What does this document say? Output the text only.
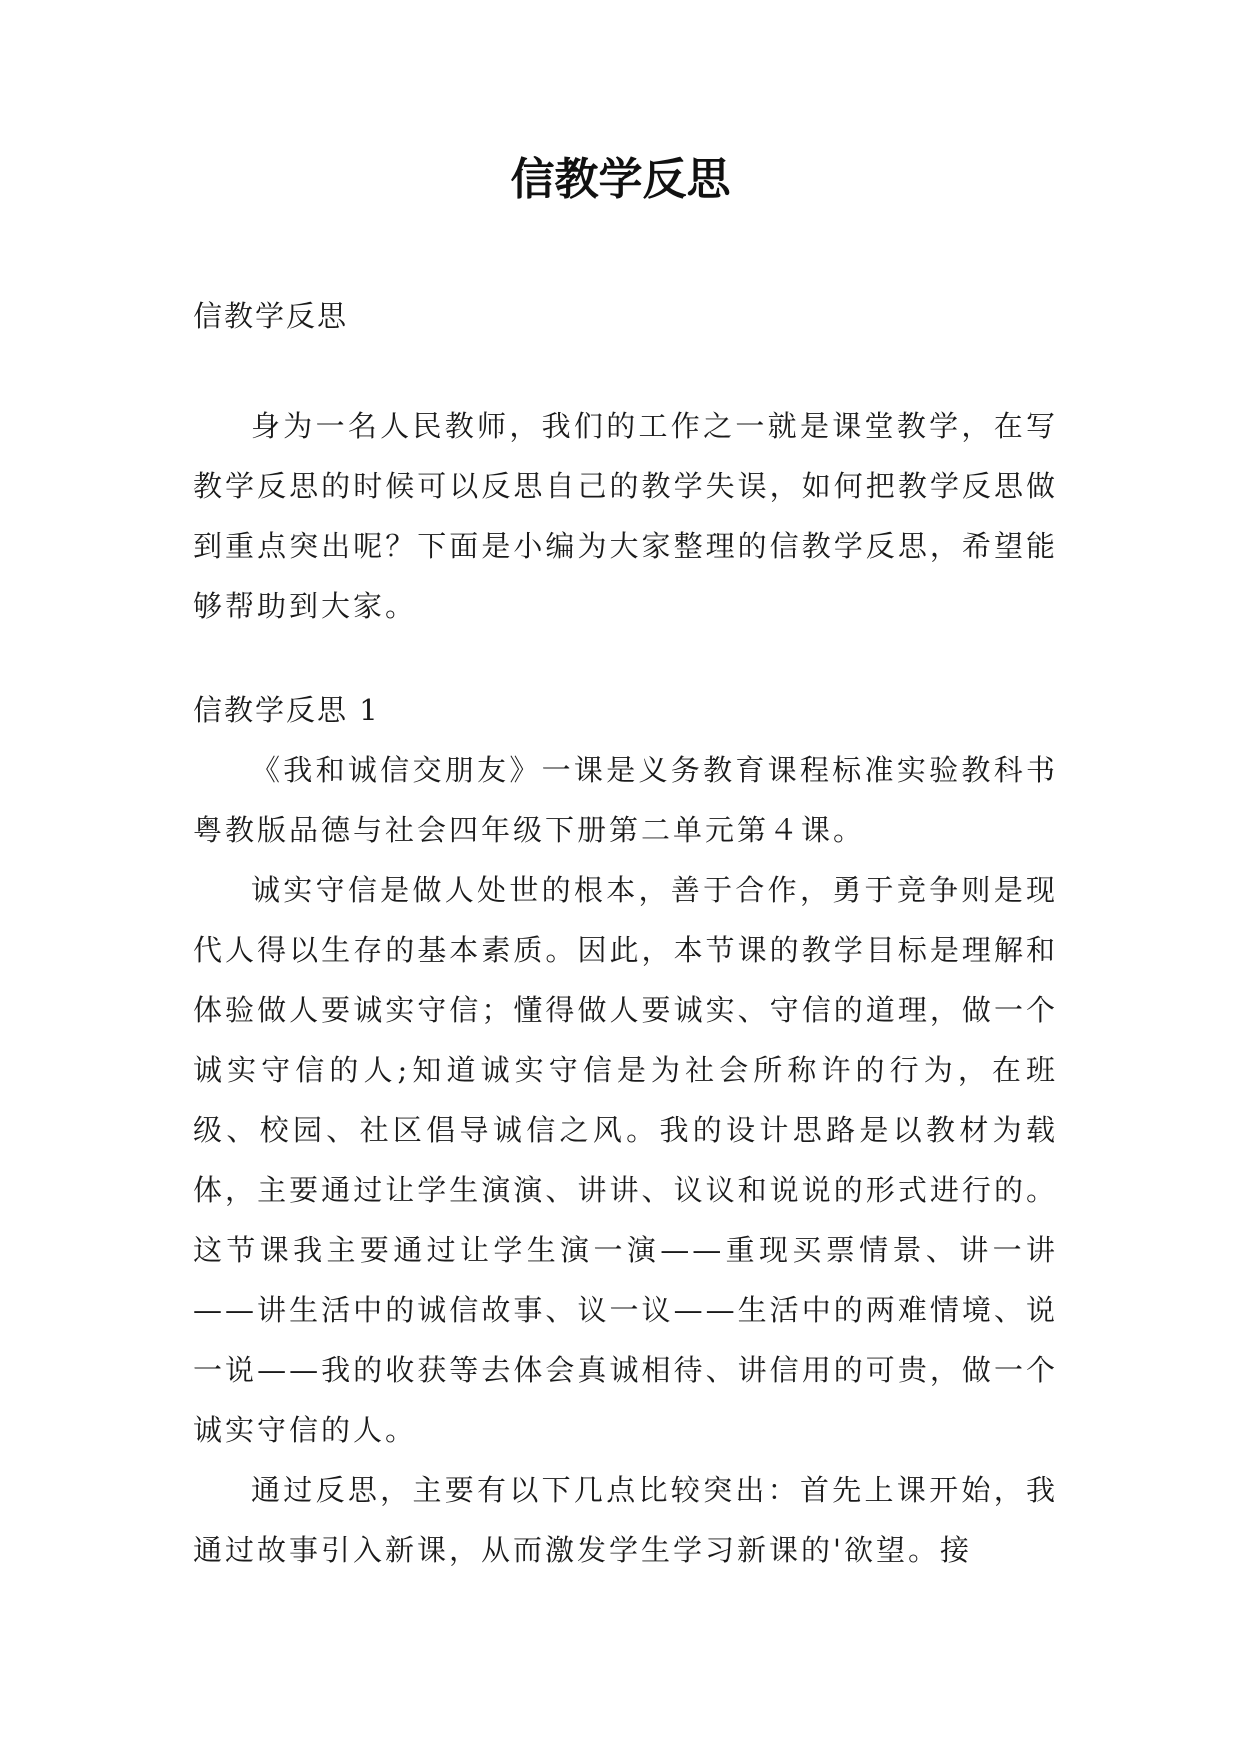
信教学反思

信教学反思

身为一名人民教师，我们的工作之一就是课堂教学，在写教学反思的时候可以反思自己的教学失误，如何把教学反思做到重点突出呢？下面是小编为大家整理的信教学反思，希望能够帮助到大家。

信教学反思 1

《我和诚信交朋友》一课是义务教育课程标准实验教科书粤教版品德与社会四年级下册第二单元第４课。

诚实守信是做人处世的根本，善于合作，勇于竞争则是现代人得以生存的基本素质。因此，本节课的教学目标是理解和体验做人要诚实守信；懂得做人要诚实、守信的道理，做一个诚实守信的人;知道诚实守信是为社会所称许的行为，在班级、校园、社区倡导诚信之风。我的设计思路是以教材为载体，主要通过让学生演演、讲讲、议议和说说的形式进行的。这节课我主要通过让学生演一演——重现买票情景、讲一讲——讲生活中的诚信故事、议一议——生活中的两难情境、说一说——我的收获等去体会真诚相待、讲信用的可贵，做一个诚实守信的人。

通过反思，主要有以下几点比较突出：首先上课开始，我通过故事引入新课，从而激发学生学习新课的'欲望。接
